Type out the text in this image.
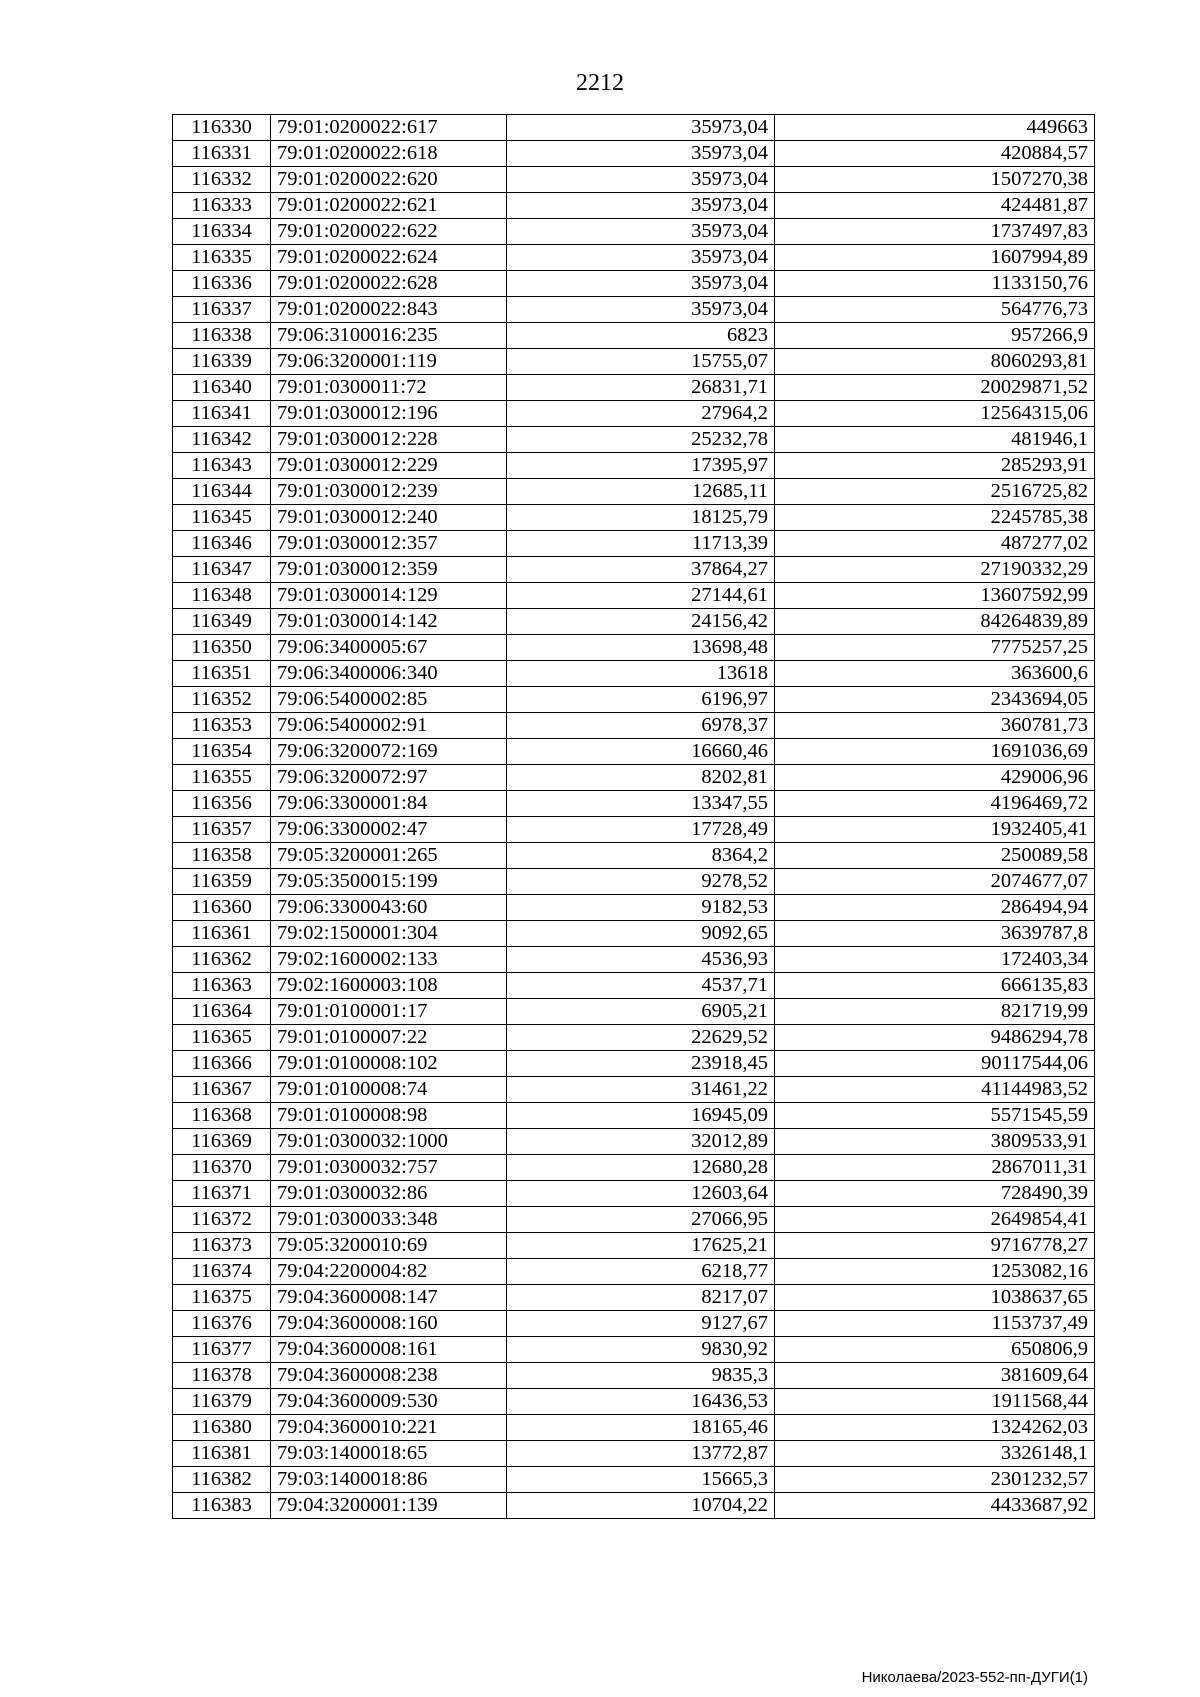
2212
116330	79:01:0200022:617	35973,04	449663
116331	79:01:0200022:618	35973,04	420884,57
116332	79:01:0200022:620	35973,04	1507270,38
116333	79:01:0200022:621	35973,04	424481,87
116334	79:01:0200022:622	35973,04	1737497,83
116335	79:01:0200022:624	35973,04	1607994,89
116336	79:01:0200022:628	35973,04	1133150,76
116337	79:01:0200022:843	35973,04	564776,73
116338	79:06:3100016:235	6823	957266,9
116339	79:06:3200001:119	15755,07	8060293,81
116340	79:01:0300011:72	26831,71	20029871,52
116341	79:01:0300012:196	27964,2	12564315,06
116342	79:01:0300012:228	25232,78	481946,1
116343	79:01:0300012:229	17395,97	285293,91
116344	79:01:0300012:239	12685,11	2516725,82
116345	79:01:0300012:240	18125,79	2245785,38
116346	79:01:0300012:357	11713,39	487277,02
116347	79:01:0300012:359	37864,27	27190332,29
116348	79:01:0300014:129	27144,61	13607592,99
116349	79:01:0300014:142	24156,42	84264839,89
116350	79:06:3400005:67	13698,48	7775257,25
116351	79:06:3400006:340	13618	363600,6
116352	79:06:5400002:85	6196,97	2343694,05
116353	79:06:5400002:91	6978,37	360781,73
116354	79:06:3200072:169	16660,46	1691036,69
116355	79:06:3200072:97	8202,81	429006,96
116356	79:06:3300001:84	13347,55	4196469,72
116357	79:06:3300002:47	17728,49	1932405,41
116358	79:05:3200001:265	8364,2	250089,58
116359	79:05:3500015:199	9278,52	2074677,07
116360	79:06:3300043:60	9182,53	286494,94
116361	79:02:1500001:304	9092,65	3639787,8
116362	79:02:1600002:133	4536,93	172403,34
116363	79:02:1600003:108	4537,71	666135,83
116364	79:01:0100001:17	6905,21	821719,99
116365	79:01:0100007:22	22629,52	9486294,78
116366	79:01:0100008:102	23918,45	90117544,06
116367	79:01:0100008:74	31461,22	41144983,52
116368	79:01:0100008:98	16945,09	5571545,59
116369	79:01:0300032:1000	32012,89	3809533,91
116370	79:01:0300032:757	12680,28	2867011,31
116371	79:01:0300032:86	12603,64	728490,39
116372	79:01:0300033:348	27066,95	2649854,41
116373	79:05:3200010:69	17625,21	9716778,27
116374	79:04:2200004:82	6218,77	1253082,16
116375	79:04:3600008:147	8217,07	1038637,65
116376	79:04:3600008:160	9127,67	1153737,49
116377	79:04:3600008:161	9830,92	650806,9
116378	79:04:3600008:238	9835,3	381609,64
116379	79:04:3600009:530	16436,53	1911568,44
116380	79:04:3600010:221	18165,46	1324262,03
116381	79:03:1400018:65	13772,87	3326148,1
116382	79:03:1400018:86	15665,3	2301232,57
116383	79:04:3200001:139	10704,22	4433687,92
Николаева/2023-552-пп-ДУГИ(1)
